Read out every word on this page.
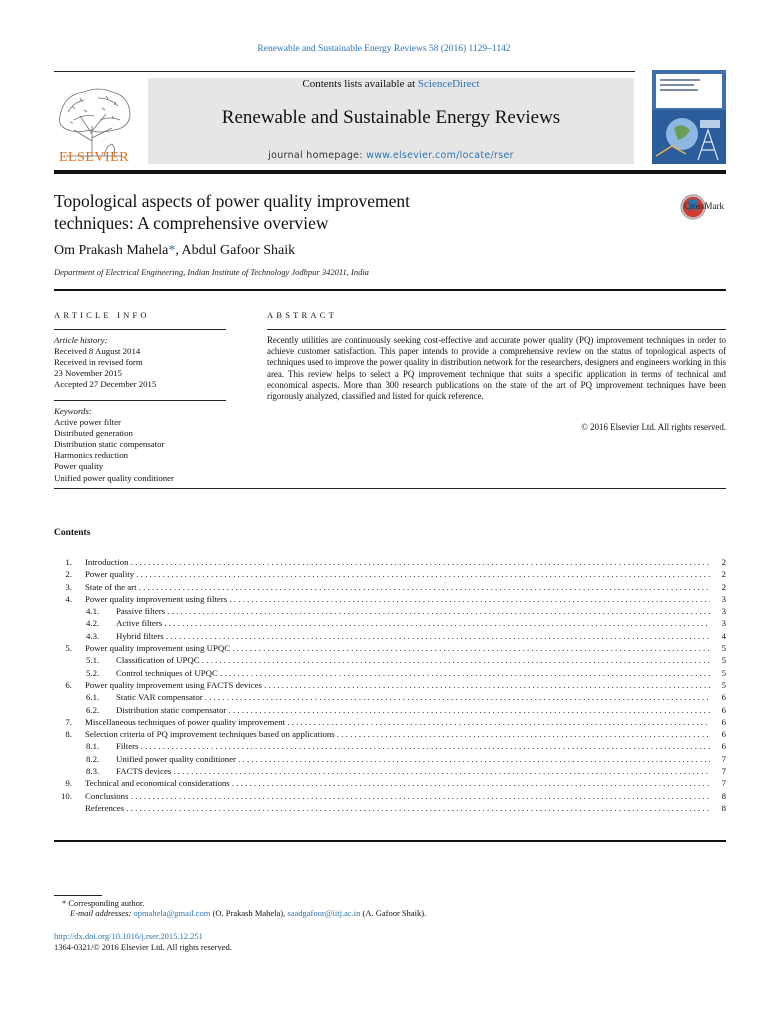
Renewable and Sustainable Energy Reviews 58 (2016) 1129–1142
ELSEVIER
Contents lists available at ScienceDirect
Renewable and Sustainable Energy Reviews
journal homepage: www.elsevier.com/locate/rser
Topological aspects of power quality improvement
techniques: A comprehensive overview
CrossMark
Om Prakash Mahela*, Abdul Gafoor Shaik
Department of Electrical Engineering, Indian Institute of Technology Jodhpur 342011, India
ARTICLE INFO
Article history:
Received 8 August 2014
Received in revised form
23 November 2015
Accepted 27 December 2015
Keywords:
Active power filter
Distributed generation
Distribution static compensator
Harmonics reduction
Power quality
Unified power quality conditioner
ABSTRACT
Recently utilities are continuously seeking cost-effective and accurate power quality (PQ) improvement techniques in order to achieve customer satisfaction. This paper intends to provide a comprehensive review on the status of topological aspects of techniques used to improve the power quality in distribution network for the researchers, designers and engineers working in this area. This review helps to select a PQ improvement technique that suits a specific application in terms of technical and economical aspects. More than 300 research publications on the state of the art of PQ improvement techniques have been rigorously analyzed, classified and listed for quick reference.
© 2016 Elsevier Ltd. All rights reserved.
Contents
1. Introduction . . .	2
2. Power quality . . .	2
3. State of the art . . .	2
4. Power quality improvement using filters . . .	3
4.1. Passive filters . . .	3
4.2. Active filters . . .	3
4.3. Hybrid filters . . .	4
5. Power quality improvement using UPQC . . .	5
5.1. Classification of UPQC . . .	5
5.2. Control techniques of UPQC . . .	5
6. Power quality improvement using FACTS devices . . .	5
6.1. Static VAR compensator . . .	6
6.2. Distribution static compensator . . .	6
7. Miscellaneous techniques of power quality improvement . . .	6
8. Selection criteria of PQ improvement techniques based on applications . . .	6
8.1. Filters . . .	6
8.2. Unified power quality conditioner . . .	7
8.3. FACTS devices . . .	7
9. Technical and economical considerations . . .	7
10. Conclusions . . .	8
References . . .	8
* Corresponding author.
E-mail addresses: opmahela@gmail.com (O. Prakash Mahela), saadgafoor@iitj.ac.in (A. Gafoor Shaik).
http://dx.doi.org/10.1016/j.rser.2015.12.251
1364-0321/© 2016 Elsevier Ltd. All rights reserved.
